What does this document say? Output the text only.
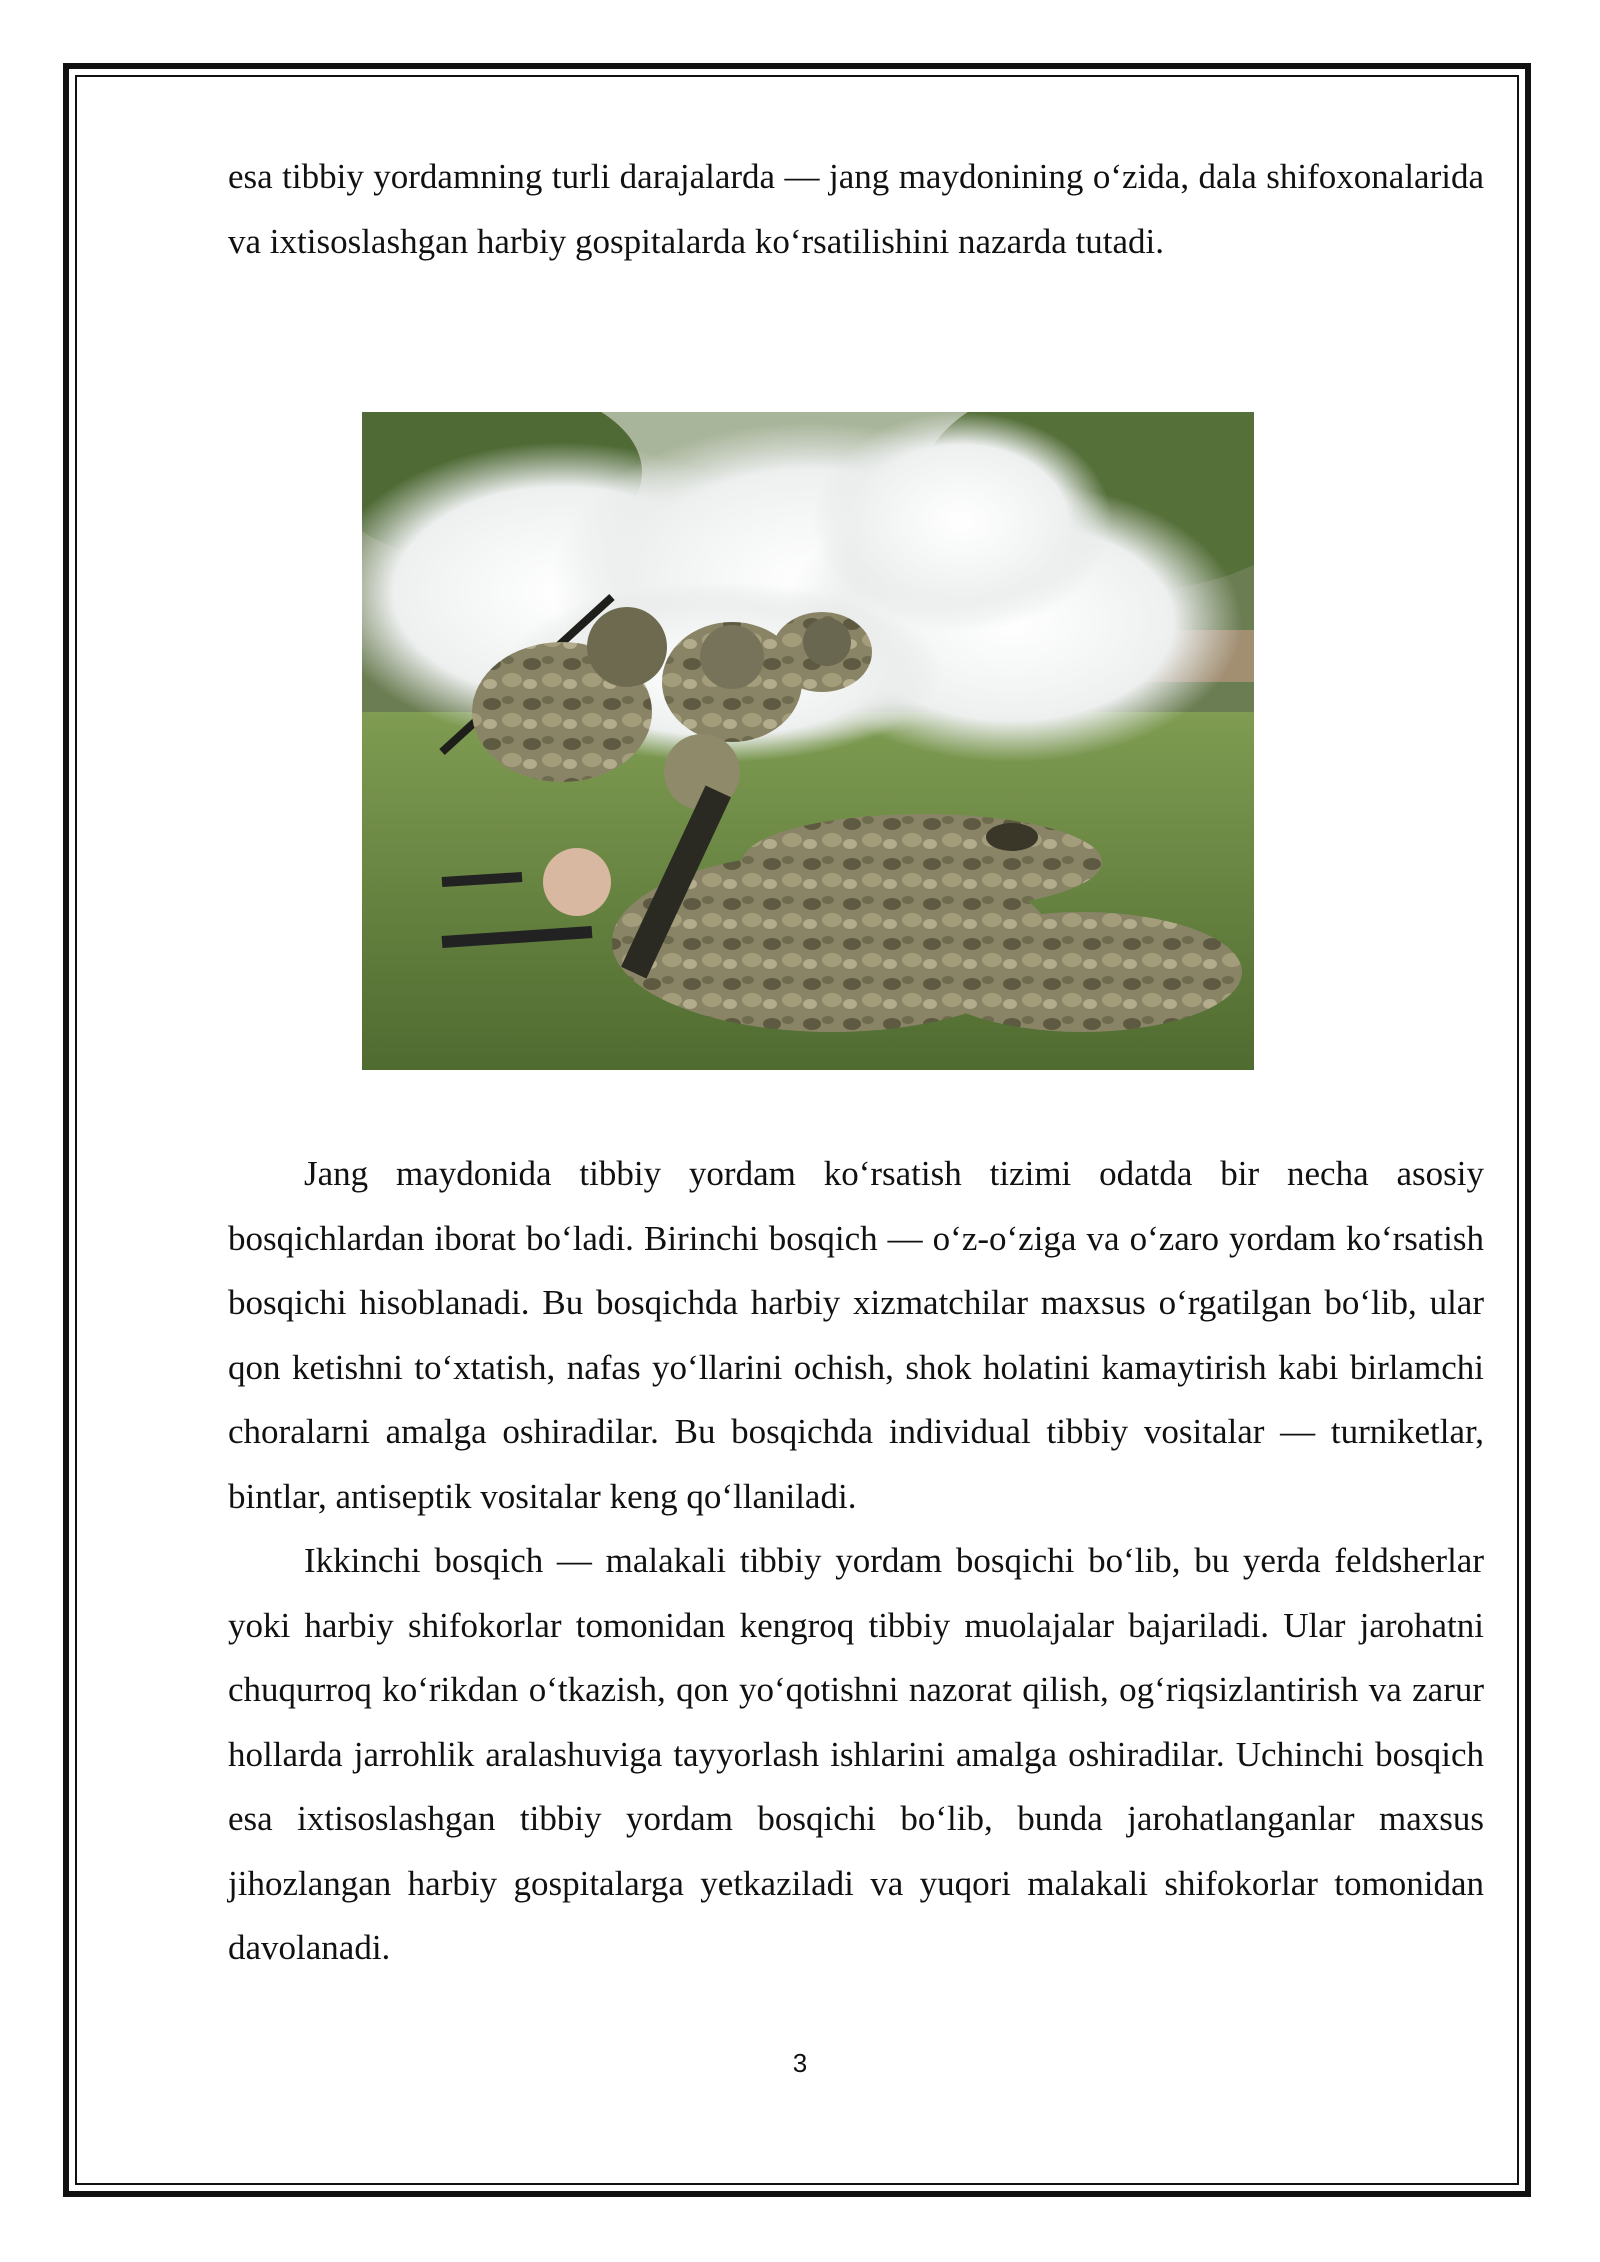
esa tibbiy yordamning turli darajalarda — jang maydonining o‘zida, dala shifoxonalarida va ixtisoslashgan harbiy gospitalarda ko‘rsatilishini nazarda tutadi.

Jang maydonida tibbiy yordam ko‘rsatish tizimi odatda bir necha asosiy bosqichlardan iborat bo‘ladi. Birinchi bosqich — o‘z-o‘ziga va o‘zaro yordam ko‘rsatish bosqichi hisoblanadi. Bu bosqichda harbiy xizmatchilar maxsus o‘rgatilgan bo‘lib, ular qon ketishni to‘xtatish, nafas yo‘llarini ochish, shok holatini kamaytirish kabi birlamchi choralarni amalga oshiradilar. Bu bosqichda individual tibbiy vositalar — turniketlar, bintlar, antiseptik vositalar keng qo‘llaniladi.

Ikkinchi bosqich — malakali tibbiy yordam bosqichi bo‘lib, bu yerda feldsherlar yoki harbiy shifokorlar tomonidan kengroq tibbiy muolajalar bajariladi. Ular jarohatni chuqurroq ko‘rikdan o‘tkazish, qon yo‘qotishni nazorat qilish, og‘riqsizlantirish va zarur hollarda jarrohlik aralashuviga tayyorlash ishlarini amalga oshiradilar. Uchinchi bosqich esa ixtisoslashgan tibbiy yordam bosqichi bo‘lib, bunda jarohatlanganlar maxsus jihozlangan harbiy gospitalarga yetkaziladi va yuqori malakali shifokorlar tomonidan davolanadi.

3
